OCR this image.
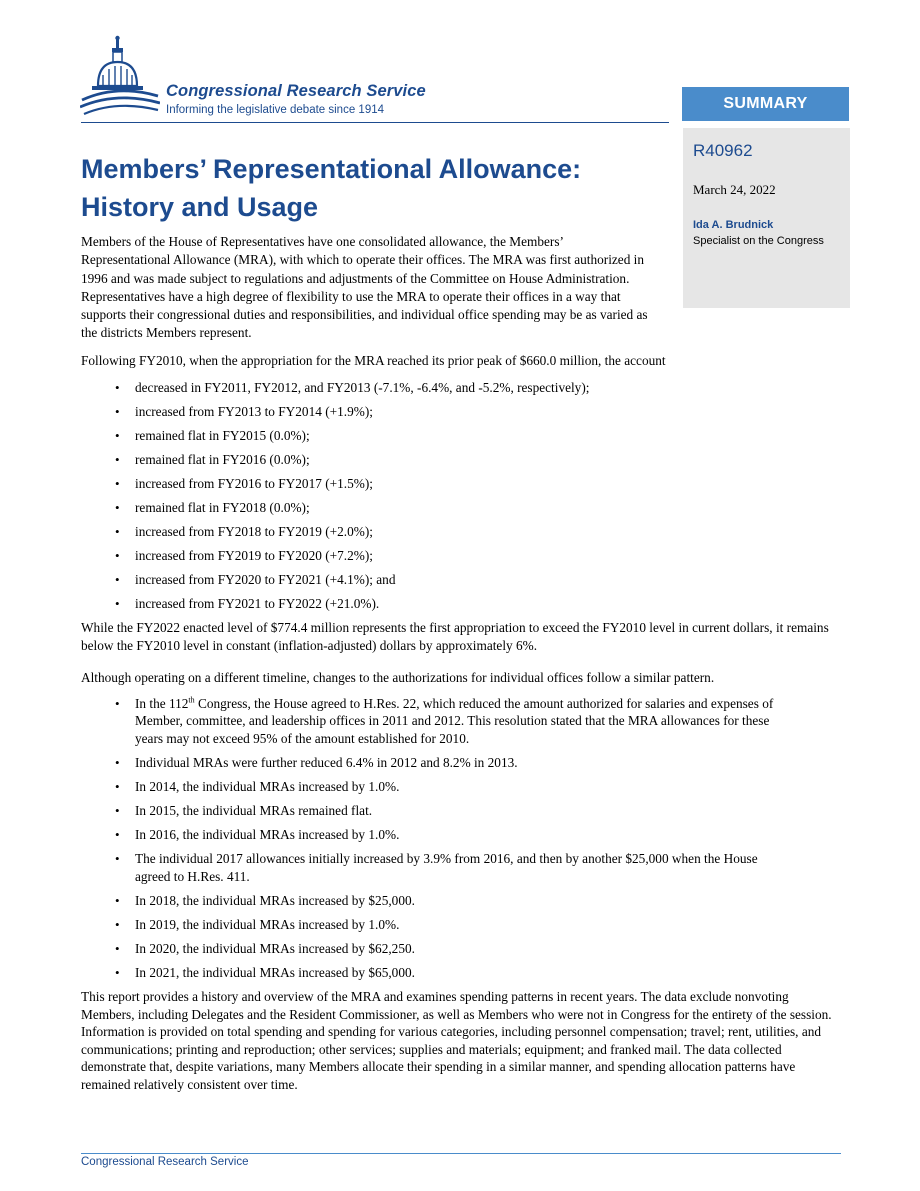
Congressional Research Service
Informing the legislative debate since 1914	SUMMARY
R40962
March 24, 2022
Ida A. Brudnick
Specialist on the Congress
Members’ Representational Allowance:
History and Usage

Members of the House of Representatives have one consolidated allowance, the Members’ Representational Allowance (MRA), with which to operate their offices. The MRA was first authorized in 1996 and was made subject to regulations and adjustments of the Committee on House Administration. Representatives have a high degree of flexibility to use the MRA to operate their offices in a way that supports their congressional duties and responsibilities, and individual office spending may be as varied as the districts Members represent.

Following FY2010, when the appropriation for the MRA reached its prior peak of $660.0 million, the account

• decreased in FY2011, FY2012, and FY2013 (-7.1%, -6.4%, and -5.2%, respectively);
• increased from FY2013 to FY2014 (+1.9%);
• remained flat in FY2015 (0.0%);
• remained flat in FY2016 (0.0%);
• increased from FY2016 to FY2017 (+1.5%);
• remained flat in FY2018 (0.0%);
• increased from FY2018 to FY2019 (+2.0%);
• increased from FY2019 to FY2020 (+7.2%);
• increased from FY2020 to FY2021 (+4.1%); and
• increased from FY2021 to FY2022 (+21.0%).

While the FY2022 enacted level of $774.4 million represents the first appropriation to exceed the FY2010 level in current dollars, it remains below the FY2010 level in constant (inflation-adjusted) dollars by approximately 6%.

Although operating on a different timeline, changes to the authorizations for individual offices follow a similar pattern.

• In the 112th Congress, the House agreed to H.Res. 22, which reduced the amount authorized for salaries and expenses of Member, committee, and leadership offices in 2011 and 2012. This resolution stated that the MRA allowances for these years may not exceed 95% of the amount established for 2010.
• Individual MRAs were further reduced 6.4% in 2012 and 8.2% in 2013.
• In 2014, the individual MRAs increased by 1.0%.
• In 2015, the individual MRAs remained flat.
• In 2016, the individual MRAs increased by 1.0%.
• The individual 2017 allowances initially increased by 3.9% from 2016, and then by another $25,000 when the House agreed to H.Res. 411.
• In 2018, the individual MRAs increased by $25,000.
• In 2019, the individual MRAs increased by 1.0%.
• In 2020, the individual MRAs increased by $62,250.
• In 2021, the individual MRAs increased by $65,000.

This report provides a history and overview of the MRA and examines spending patterns in recent years. The data exclude nonvoting Members, including Delegates and the Resident Commissioner, as well as Members who were not in Congress for the entirety of the session. Information is provided on total spending and spending for various categories, including personnel compensation; travel; rent, utilities, and communications; printing and reproduction; other services; supplies and materials; equipment; and franked mail. The data collected demonstrate that, despite variations, many Members allocate their spending in a similar manner, and spending allocation patterns have remained relatively consistent over time.

Congressional Research Service
